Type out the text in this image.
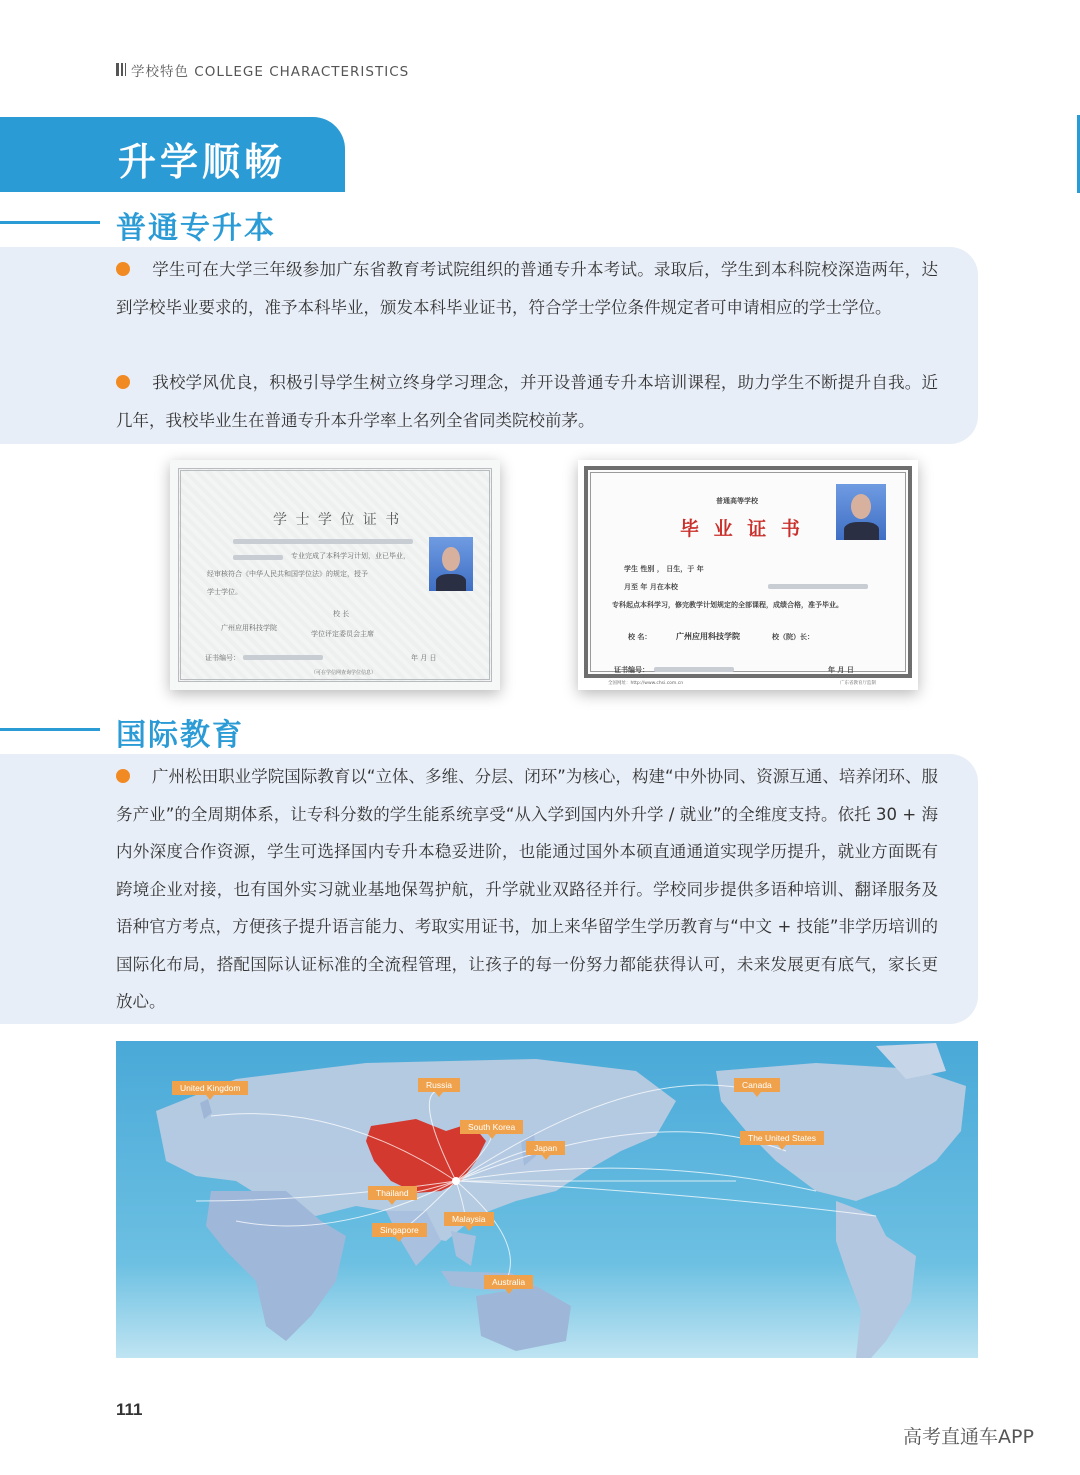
学校特色 COLLEGE CHARACTERISTICS
升学顺畅
普通专升本
学生可在大学三年级参加广东省教育考试院组织的普通专升本考试。录取后，学生到本科院校深造两年，达到学校毕业要求的，准予本科毕业，颁发本科毕业证书，符合学士学位条件规定者可申请相应的学士学位。
我校学风优良，积极引导学生树立终身学习理念，并开设普通专升本培训课程，助力学生不断提升自我。近几年，我校毕业生在普通专升本升学率上名列全省同类院校前茅。
学 士 学 位 证 书
专业完成了本科学习计划，业已毕业，
经审核符合《中华人民共和国学位法》的规定，授予
学士学位。
广州应用科技学院
校 长
学位评定委员会主席
证书编号：	年 月 日
（可在学信网查询学位信息）
普通高等学校
毕 业 证 书
学生 性别 ， 日生，于 年
月至 年 月在本校
专科起点本科学习，修完教学计划规定的全部课程，成绩合格，准予毕业。
校 名：	广州应用科技学院	校（院）长：
证书编号：	年 月 日
全国网址：http://www.chsi.com.cn	广东省教育厅监制
国际教育
广州松田职业学院国际教育以“立体、多维、分层、闭环”为核心，构建“中外协同、资源互通、培养闭环、服务产业”的全周期体系，让专科分数的学生能系统享受“从入学到国内外升学 / 就业”的全维度支持。依托 30 + 海内外深度合作资源，学生可选择国内专升本稳妥进阶，也能通过国外本硕直通通道实现学历提升，就业方面既有跨境企业对接，也有国外实习就业基地保驾护航，升学就业双路径并行。学校同步提供多语种培训、翻译服务及语种官方考点，方便孩子提升语言能力、考取实用证书，加上来华留学生学历教育与“中文 + 技能”非学历培训的国际化布局，搭配国际认证标准的全流程管理，让孩子的每一份努力都能获得认可，未来发展更有底气，家长更放心。
United Kingdom	Russia	Canada
South Korea
Japan
The United States
Thailand
Malaysia
Singapore
Australia
111
高考直通车APP
